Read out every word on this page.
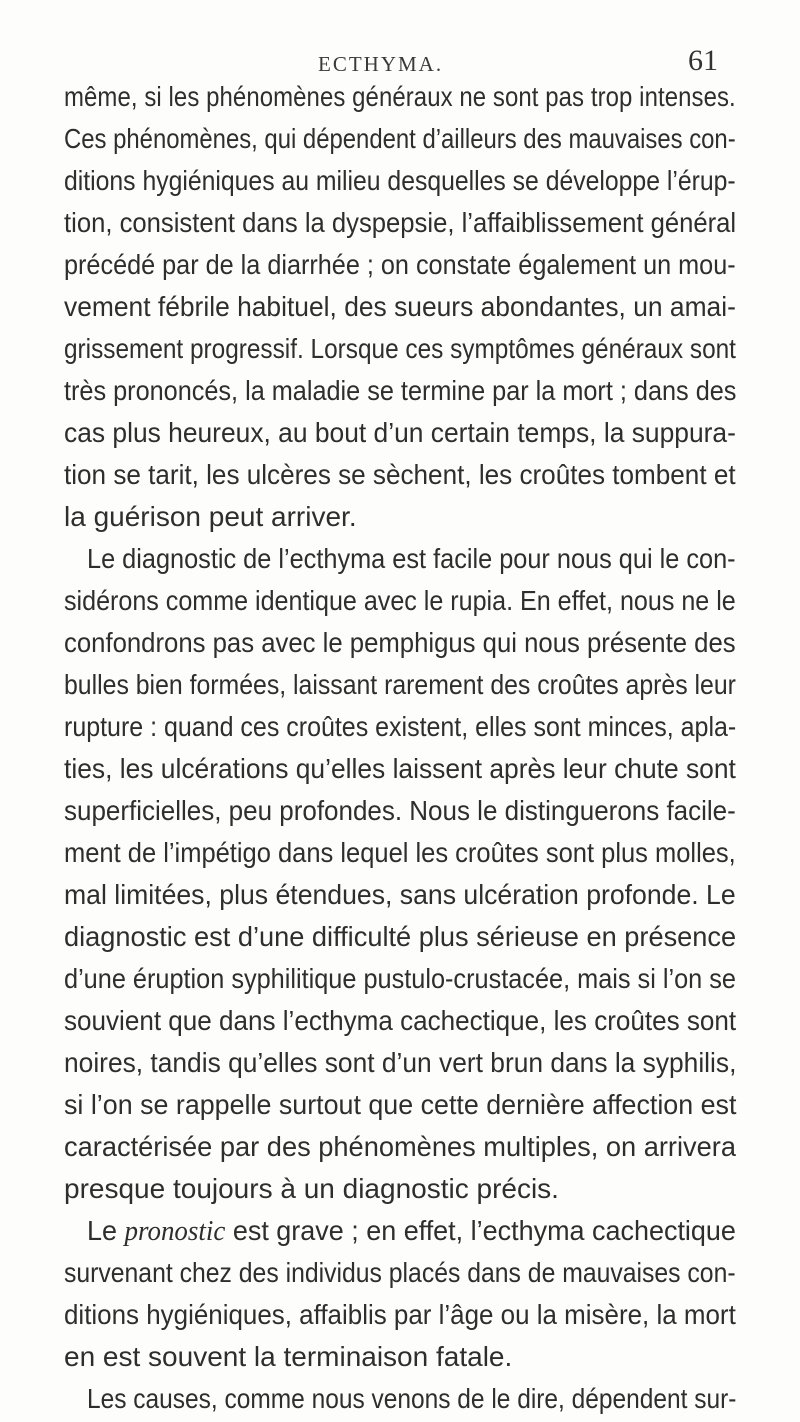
ECTHYMA.	61
même, si les phénomènes généraux ne sont pas trop intenses.
Ces phénomènes, qui dépendent d’ailleurs des mauvaises con-
ditions hygiéniques au milieu desquelles se développe l’érup-
tion, consistent dans la dyspepsie, l’affaiblissement général
précédé par de la diarrhée ; on constate également un mou-
vement fébrile habituel, des sueurs abondantes, un amai-
grissement progressif. Lorsque ces symptômes généraux sont
très prononcés, la maladie se termine par la mort ; dans des
cas plus heureux, au bout d’un certain temps, la suppura-
tion se tarit, les ulcères se sèchent, les croûtes tombent et
la guérison peut arriver.
Le diagnostic de l’ecthyma est facile pour nous qui le con-
sidérons comme identique avec le rupia. En effet, nous ne le
confondrons pas avec le pemphigus qui nous présente des
bulles bien formées, laissant rarement des croûtes après leur
rupture : quand ces croûtes existent, elles sont minces, apla-
ties, les ulcérations qu’elles laissent après leur chute sont
superficielles, peu profondes. Nous le distinguerons facile-
ment de l’impétigo dans lequel les croûtes sont plus molles,
mal limitées, plus étendues, sans ulcération profonde. Le
diagnostic est d’une difficulté plus sérieuse en présence
d’une éruption syphilitique pustulo-crustacée, mais si l’on se
souvient que dans l’ecthyma cachectique, les croûtes sont
noires, tandis qu’elles sont d’un vert brun dans la syphilis,
si l’on se rappelle surtout que cette dernière affection est
caractérisée par des phénomènes multiples, on arrivera
presque toujours à un diagnostic précis.
Le pronostic est grave ; en effet, l’ecthyma cachectique
survenant chez des individus placés dans de mauvaises con-
ditions hygiéniques, affaiblis par l’âge ou la misère, la mort
en est souvent la terminaison fatale.
Les causes, comme nous venons de le dire, dépendent sur-
